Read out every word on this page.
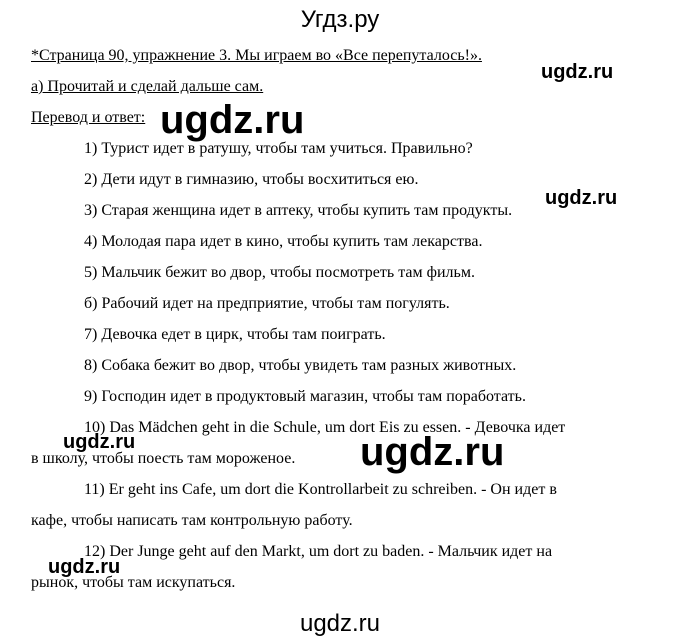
Угдз.ру
*Страница 90, упражнение 3. Мы играем во «Все перепуталось!».
а) Прочитай и сделай дальше сам.
Перевод и ответ:
1) Турист идет в ратушу, чтобы там учиться. Правильно?
2) Дети идут в гимназию, чтобы восхититься ею.
3) Старая женщина идет в аптеку, чтобы купить там продукты.
4) Молодая пара идет в кино, чтобы купить там лекарства.
5) Мальчик бежит во двор, чтобы посмотреть там фильм.
б) Рабочий идет на предприятие, чтобы там погулять.
7) Девочка едет в цирк, чтобы там поиграть.
8) Собака бежит во двор, чтобы увидеть там разных животных.
9) Господин идет в продуктовый магазин, чтобы там поработать.
10) Das Mädchen geht in die Schule, um dort Eis zu essen. - Девочка идет
в школу, чтобы поесть там мороженое.
11) Er geht ins Cafe, um dort die Kontrollarbeit zu schreiben. - Он идет в
кафе, чтобы написать там контрольную работу.
12) Der Junge geht auf den Markt, um dort zu baden. - Мальчик идет на
рынок, чтобы там искупаться.
ugdz.ru
ugdz.ru
ugdz.ru
ugdz.ru	ugdz.ru
ugdz.ru
ugdz.ru
